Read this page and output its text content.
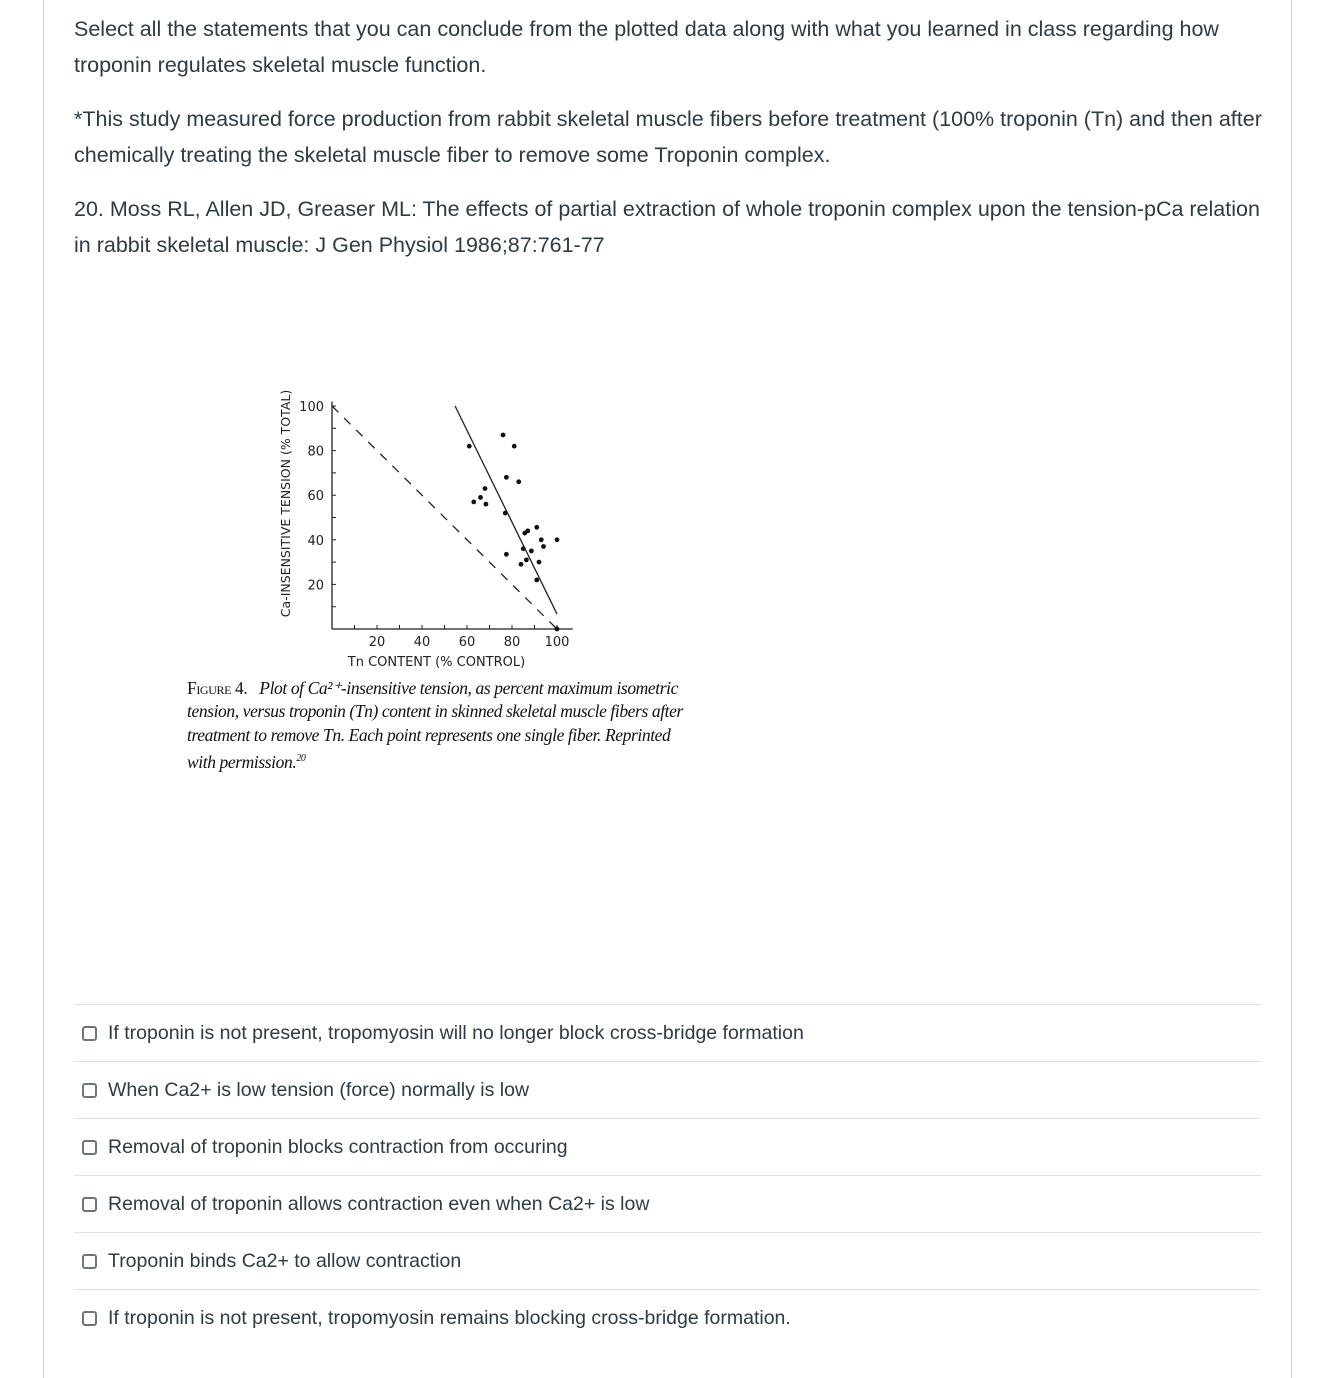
Select all the statements that you can conclude from the plotted data along with what you learned in class regarding how troponin regulates skeletal muscle function.

*This study measured force production from rabbit skeletal muscle fibers before treatment (100% troponin (Tn) and then after chemically treating the skeletal muscle fiber to remove some Troponin complex.

20. Moss RL, Allen JD, Greaser ML: The effects of partial extraction of whole troponin complex upon the tension-pCa relation in rabbit skeletal muscle: J Gen Physiol 1986;87:761-77

20
40
60
80
100
20 40 60 80 100
Tn CONTENT (% CONTROL)
Ca-INSENSITIVE TENSION (% TOTAL)
Figure 4. Plot of Ca²⁺-insensitive tension, as percent maximum isometric tension, versus troponin (Tn) content in skinned skeletal muscle fibers after treatment to remove Tn. Each point represents one single fiber. Reprinted with permission.$^{20}$
If troponin is not present, tropomyosin will no longer block cross-bridge formation
When Ca2+ is low tension (force) normally is low
Removal of troponin blocks contraction from occuring
Removal of troponin allows contraction even when Ca2+ is low
Troponin binds Ca2+ to allow contraction
If troponin is not present, tropomyosin remains blocking cross-bridge formation.
